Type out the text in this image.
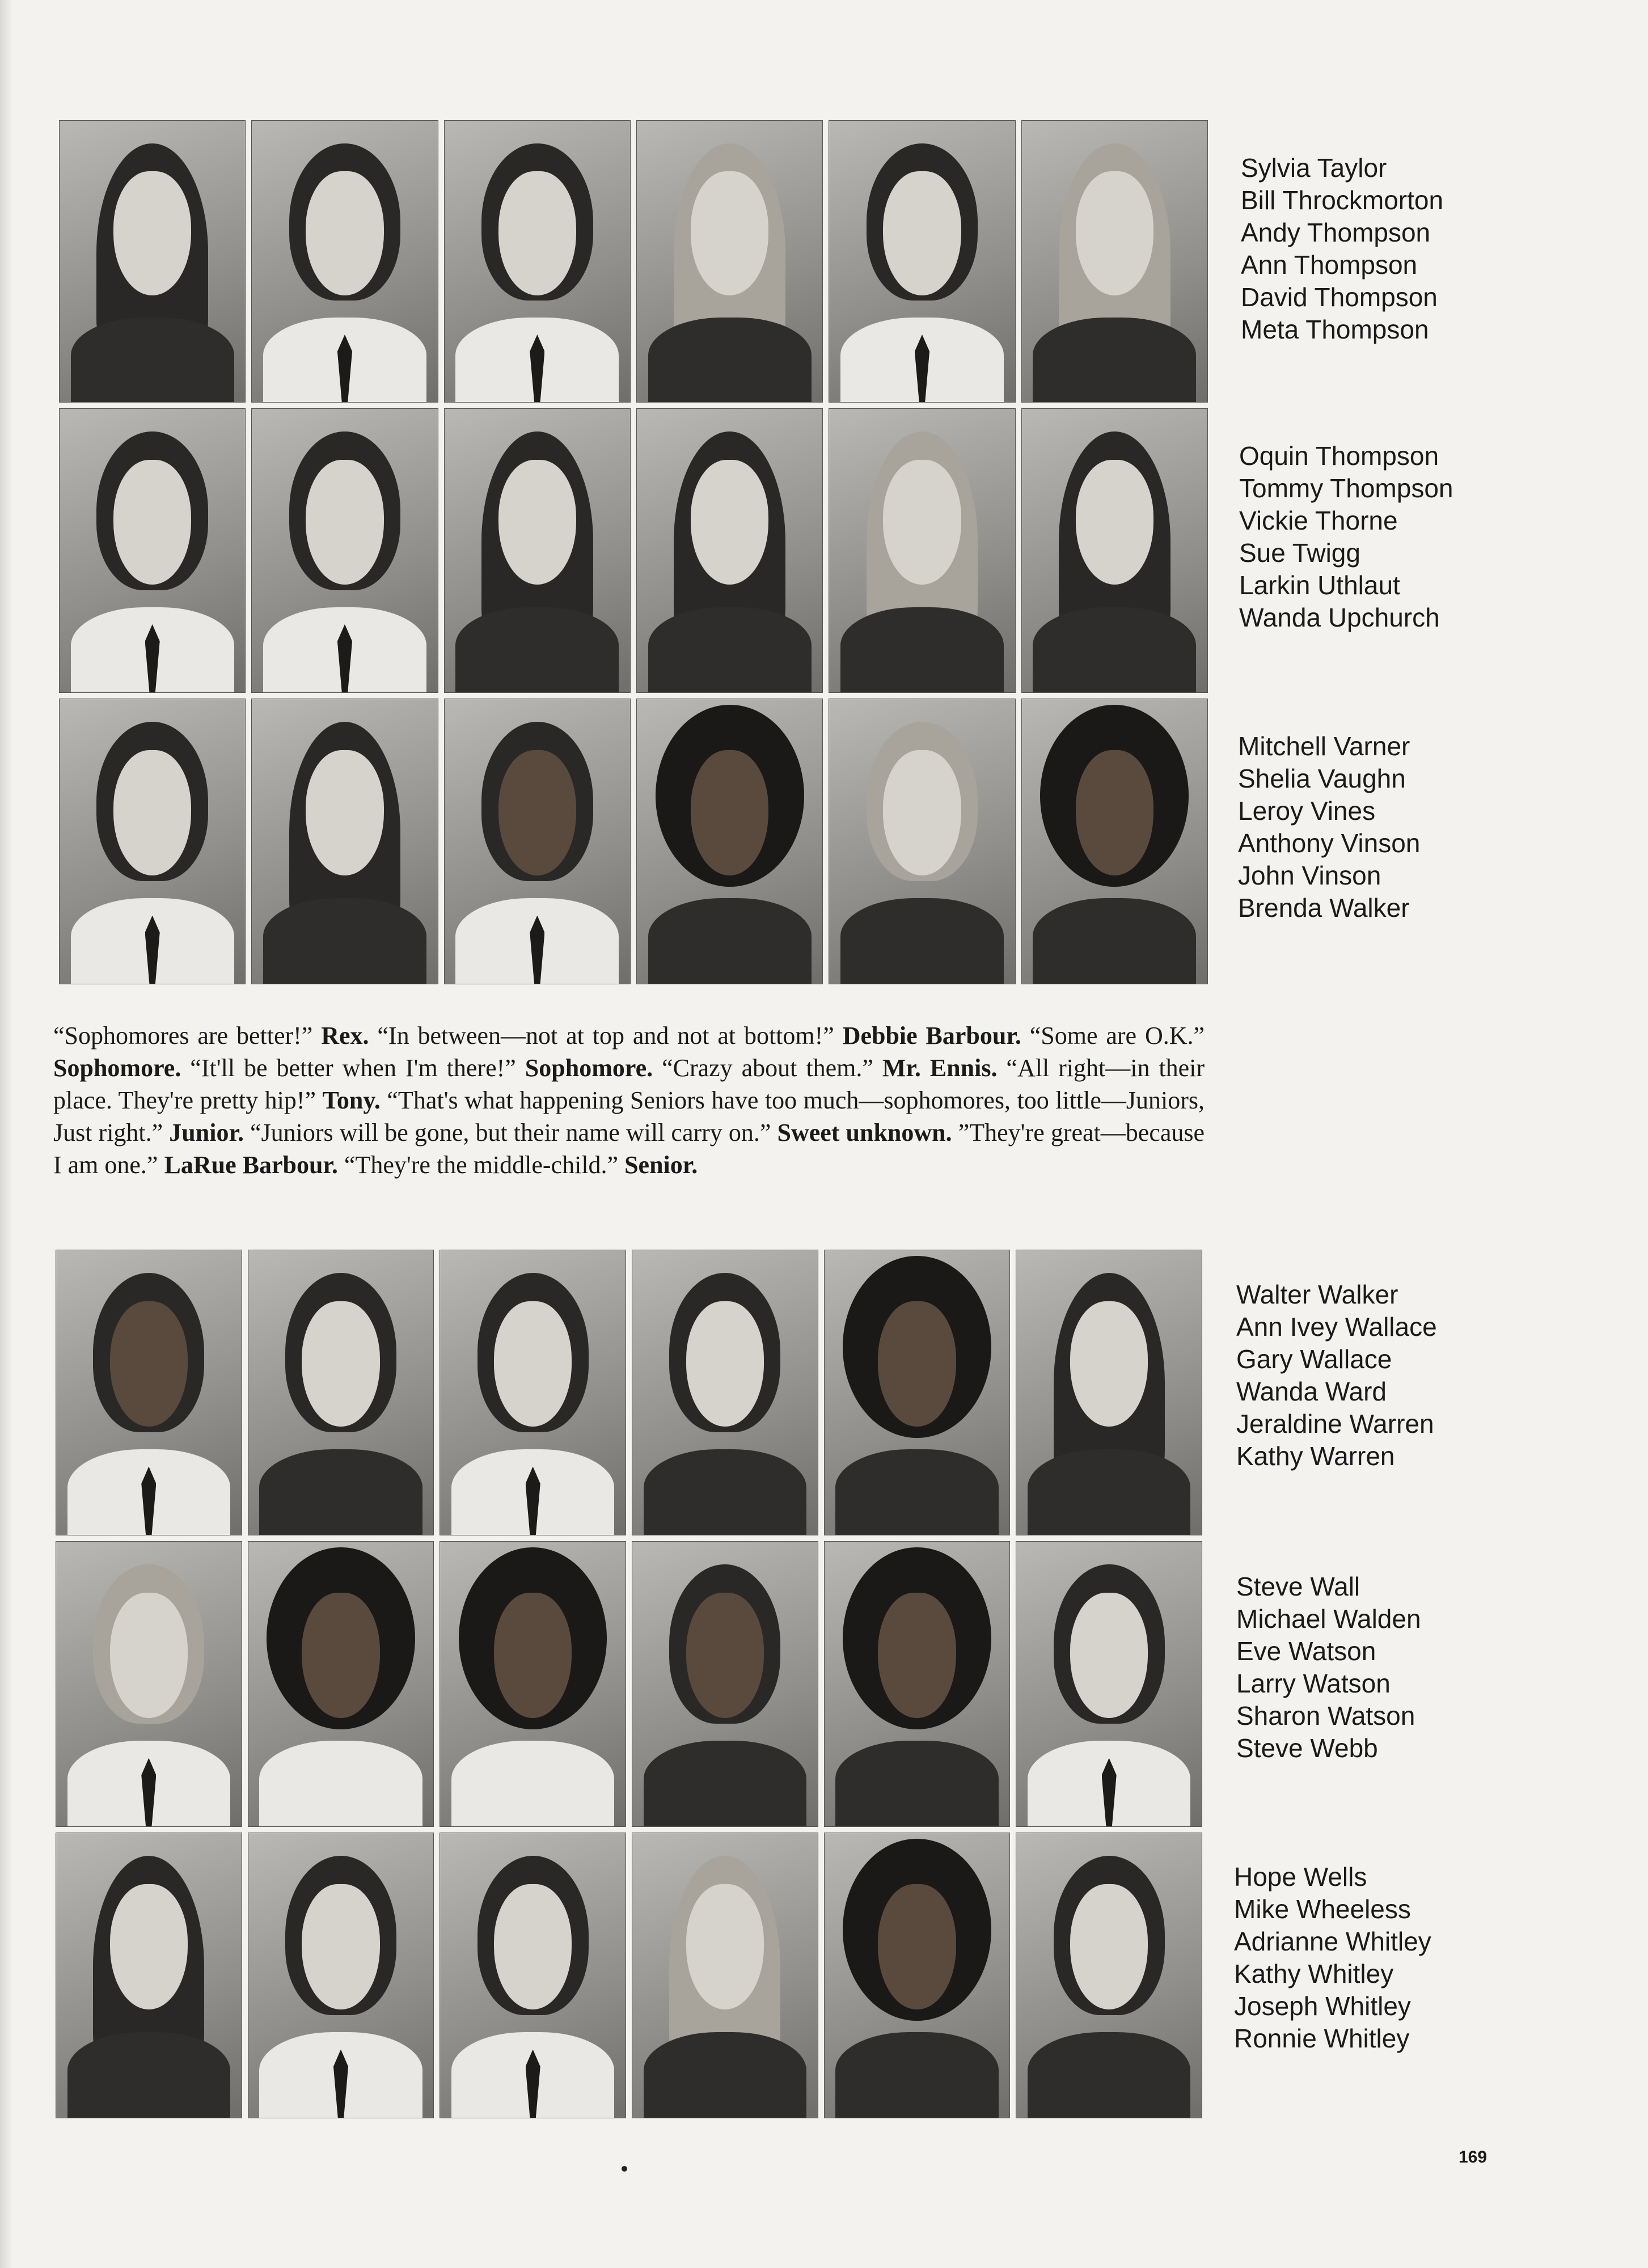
Sylvia Taylor
Bill Throckmorton
Andy Thompson
Ann Thompson
David Thompson
Meta Thompson
Oquin Thompson
Tommy Thompson
Vickie Thorne
Sue Twigg
Larkin Uthlaut
Wanda Upchurch
Mitchell Varner
Shelia Vaughn
Leroy Vines
Anthony Vinson
John Vinson
Brenda Walker
“Sophomores are better!” Rex. “In between—not at top and not at bottom!” Debbie Barbour. “Some are O.K.” Sophomore. “It'll be better when I'm there!” Sophomore. “Crazy about them.” Mr. Ennis. “All right—in their place. They're pretty hip!” Tony. “That's what happening Seniors have too much—sophomores, too little—Juniors, Just right.” Junior. “Juniors will be gone, but their name will carry on.” Sweet unknown. ”They're great—because I am one.” LaRue Barbour. “They're the middle-child.” Senior.
Walter Walker
Ann Ivey Wallace
Gary Wallace
Wanda Ward
Jeraldine Warren
Kathy Warren
Steve Wall
Michael Walden
Eve Watson
Larry Watson
Sharon Watson
Steve Webb
Hope Wells
Mike Wheeless
Adrianne Whitley
Kathy Whitley
Joseph Whitley
Ronnie Whitley
169
